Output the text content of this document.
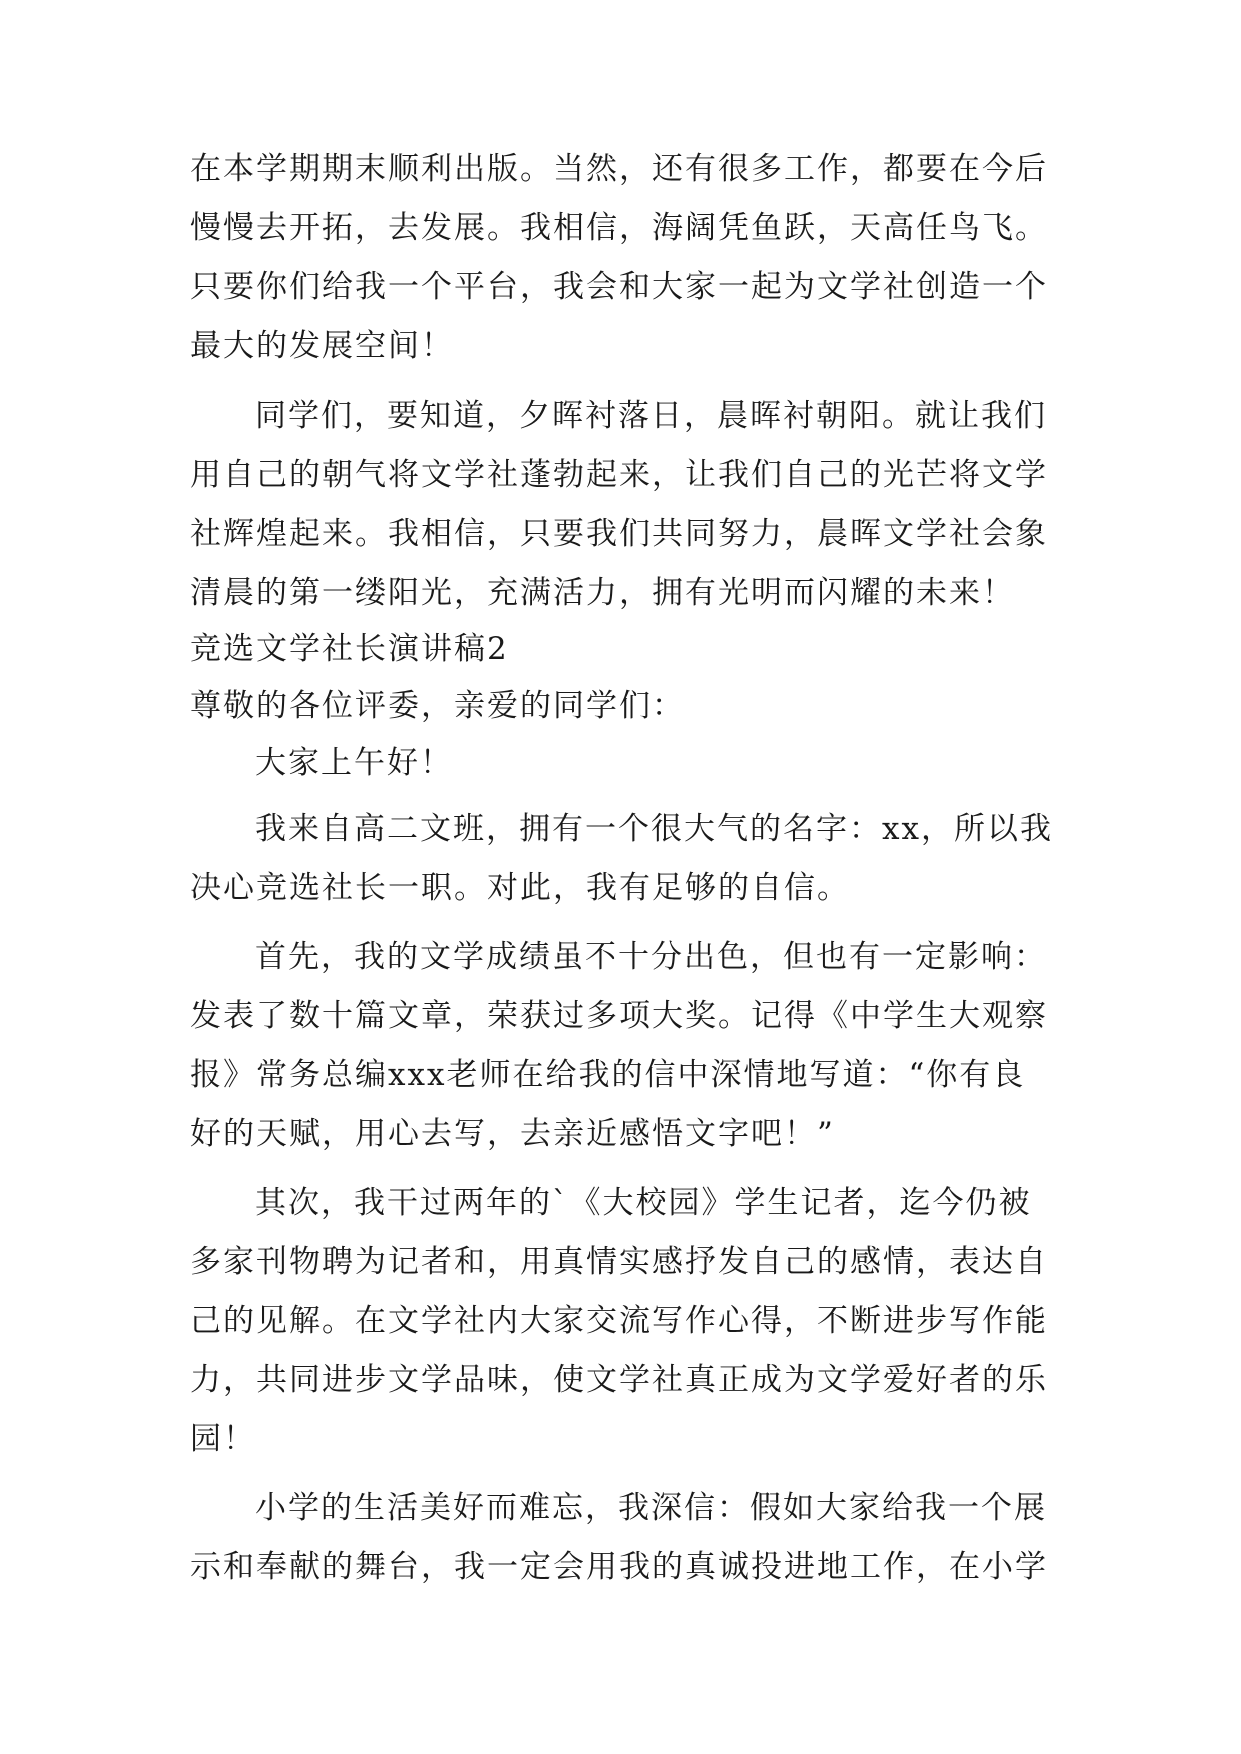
在本学期期末顺利出版。当然，还有很多工作，都要在今后
慢慢去开拓，去发展。我相信，海阔凭鱼跃，天高任鸟飞。
只要你们给我一个平台，我会和大家一起为文学社创造一个
最大的发展空间！
同学们，要知道，夕晖衬落日，晨晖衬朝阳。就让我们
用自己的朝气将文学社蓬勃起来，让我们自己的光芒将文学
社辉煌起来。我相信，只要我们共同努力，晨晖文学社会象
清晨的第一缕阳光，充满活力，拥有光明而闪耀的未来！
竞选文学社长演讲稿2
尊敬的各位评委，亲爱的同学们：
大家上午好！
我来自高二文班，拥有一个很大气的名字：xx，所以我
决心竞选社长一职。对此，我有足够的自信。
首先，我的文学成绩虽不十分出色，但也有一定影响：
发表了数十篇文章，荣获过多项大奖。记得《中学生大观察
报》常务总编xxx老师在给我的信中深情地写道：“你有良
好的天赋，用心去写，去亲近感悟文字吧！”
其次，我干过两年的`《大校园》学生记者，迄今仍被
多家刊物聘为记者和，用真情实感抒发自己的感情，表达自
己的见解。在文学社内大家交流写作心得，不断进步写作能
力，共同进步文学品味，使文学社真正成为文学爱好者的乐
园！
小学的生活美好而难忘，我深信：假如大家给我一个展
示和奉献的舞台，我一定会用我的真诚投进地工作，在小学
